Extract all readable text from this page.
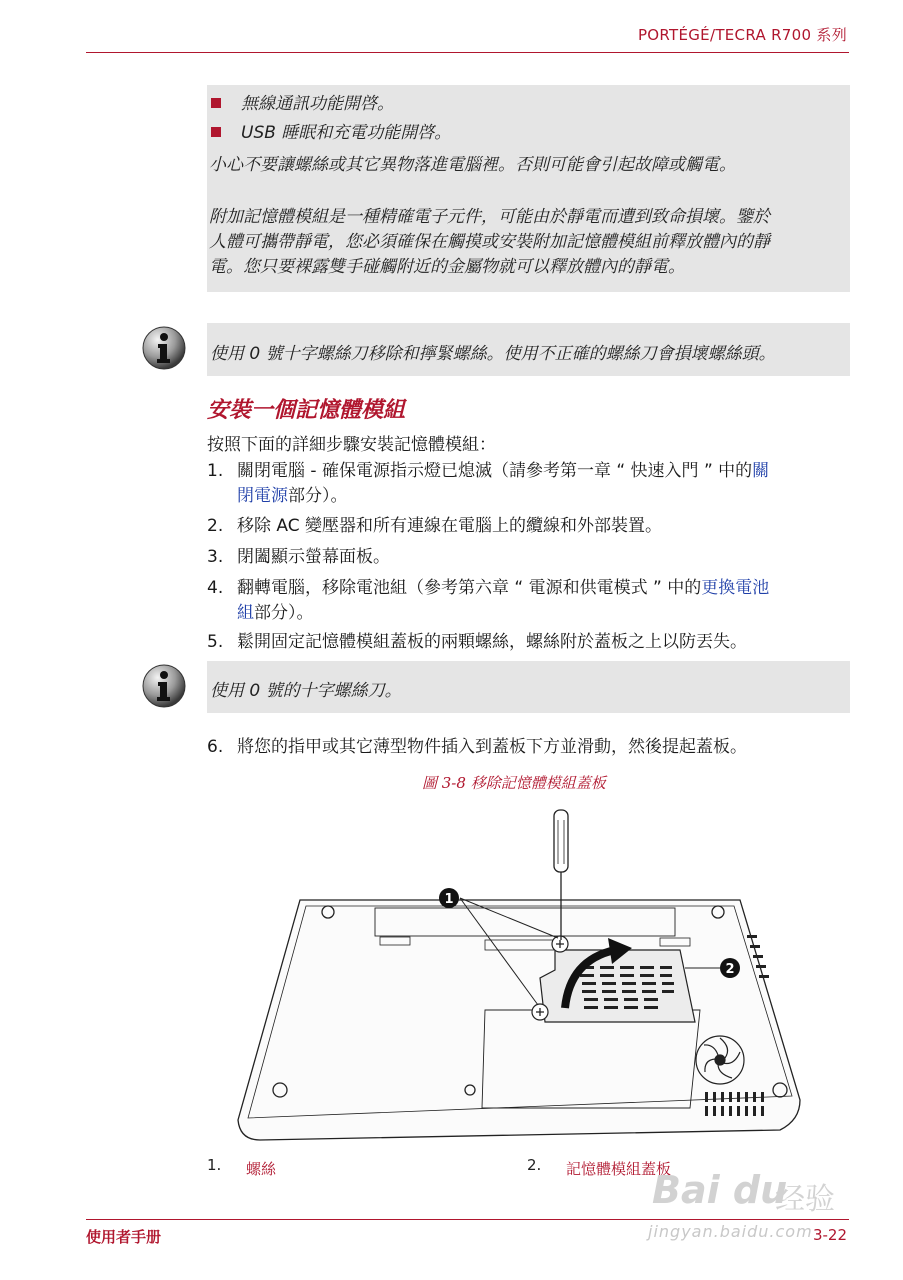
PORTÉGÉ/TECRA R700 系列
無線通訊功能開啓。
USB 睡眠和充電功能開啓。
小心不要讓螺絲或其它異物落進電腦裡。否則可能會引起故障或觸電。
附加記憶體模組是一種精確電子元件，可能由於靜電而遭到致命損壞。鑒於
人體可攜帶靜電，您必須確保在觸摸或安裝附加記憶體模組前釋放體內的靜
電。您只要裸露雙手碰觸附近的金屬物就可以釋放體內的靜電。
使用 0 號十字螺絲刀移除和擰緊螺絲。使用不正確的螺絲刀會損壞螺絲頭。
安裝一個記憶體模組
按照下面的詳細步驟安裝記憶體模組：
1. 關閉電腦 - 確保電源指示燈已熄滅（請參考第一章 “ 快速入門 ” 中的關
閉電源部分）。
2. 移除 AC 變壓器和所有連線在電腦上的纜線和外部裝置。
3. 閉闔顯示螢幕面板。
4. 翻轉電腦，移除電池組（參考第六章 “ 電源和供電模式 ” 中的更換電池
組部分）。
5. 鬆開固定記憶體模組蓋板的兩顆螺絲，螺絲附於蓋板之上以防丟失。
使用 0 號的十字螺絲刀。
6. 將您的指甲或其它薄型物件插入到蓋板下方並滑動，然後提起蓋板。
圖 3-8 移除記憶體模組蓋板
1
2
1. 螺絲	2. 記憶體模組蓋板
Bai du
经验
jingyan.baidu.com
使用者手册	3-22
